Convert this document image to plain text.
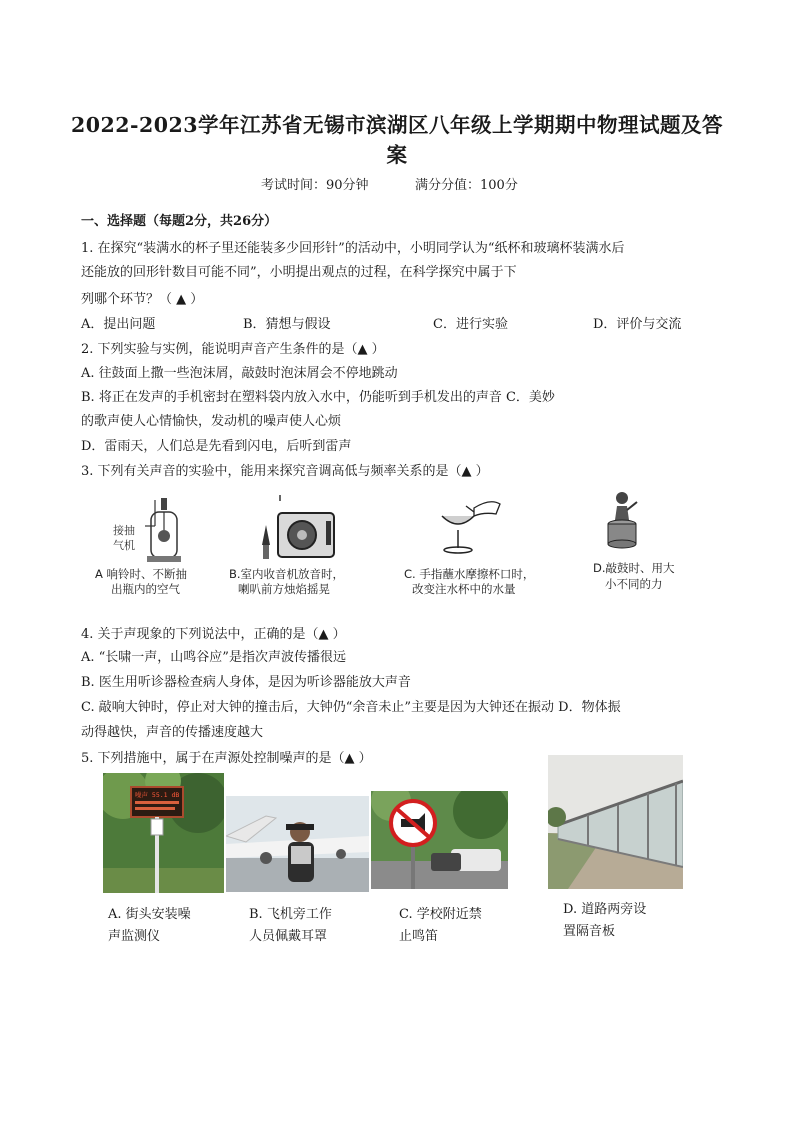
2022-2023学年江苏省无锡市滨湖区八年级上学期期中物理试题及答
案
考试时间：90分钟	满分分值：100分
一、选择题（每题2分，共26分）
1. 在探究“装满水的杯子里还能装多少回形针”的活动中，小明同学认为“纸杯和玻璃杯装满水后
还能放的回形针数目可能不同”，小明提出观点的过程，在科学探究中属于下
列哪个环节？（ ▲ ）
A．提出问题	B．猜想与假设	C．进行实验	D．评价与交流
2. 下列实验与实例，能说明声音产生条件的是（▲ ）
A. 往鼓面上撒一些泡沫屑，敲鼓时泡沫屑会不停地跳动
B. 将正在发声的手机密封在塑料袋内放入水中，仍能听到手机发出的声音 C．美妙
的歌声使人心情愉快，发动机的噪声使人心烦
D．雷雨天，人们总是先看到闪电，后听到雷声
3. 下列有关声音的实验中，能用来探究音调高低与频率关系的是（▲ ）
接抽
气机
A 响铃时、不断抽
出瓶内的空气
B.室内收音机放音时，
喇叭前方烛焰摇晃
C. 手指蘸水摩擦杯口时，
改变注水杯中的水量
D.敲鼓时、用大
小不同的力
4. 关于声现象的下列说法中，正确的是（▲ ）
A. “长啸一声，山鸣谷应”是指次声波传播很远
B. 医生用听诊器检查病人身体，是因为听诊器能放大声音
C. 敲响大钟时，停止对大钟的撞击后，大钟仍“余音未止”主要是因为大钟还在振动 D．物体振
动得越快，声音的传播速度越大
5. 下列措施中，属于在声源处控制噪声的是（▲ ）
噪声 55.1 dB
A. 街头安装噪
声监测仪
B. 飞机旁工作
人员佩戴耳罩
C. 学校附近禁
止鸣笛
D. 道路两旁设
置隔音板
